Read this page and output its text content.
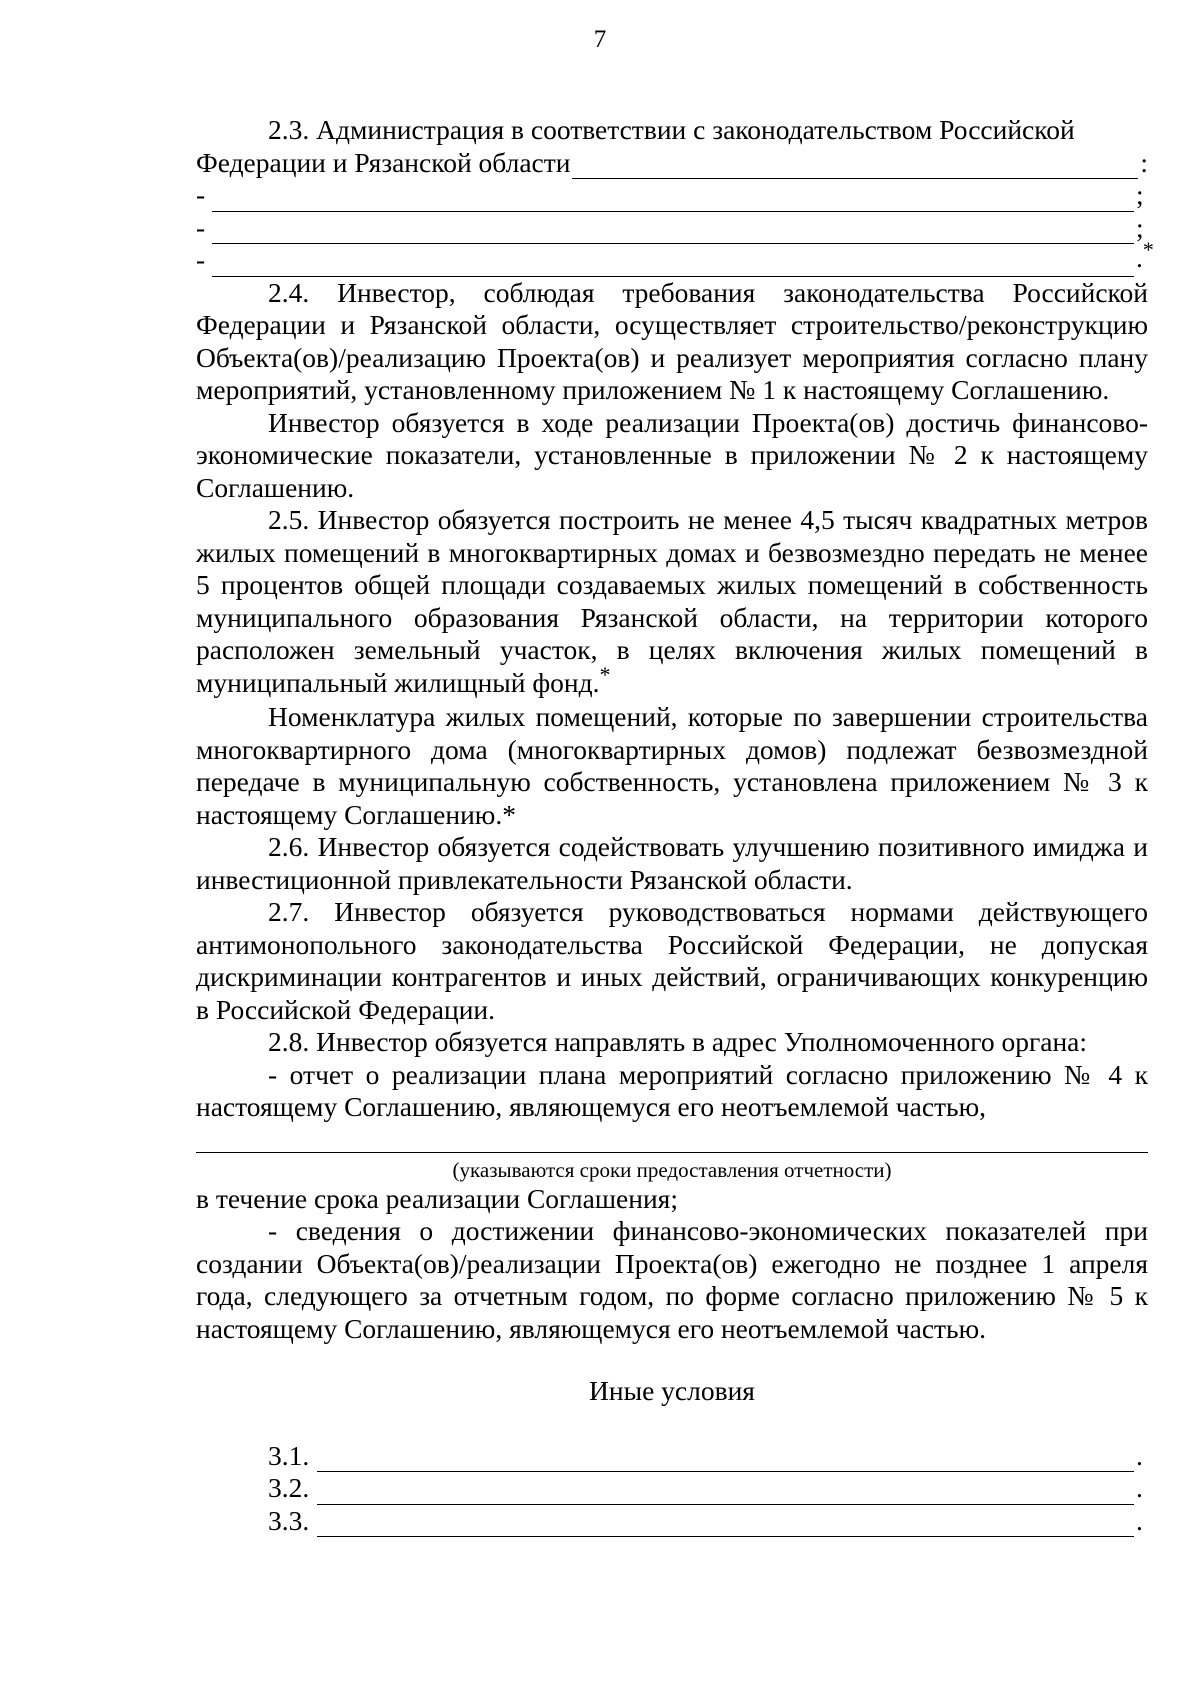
7

2.3. Администрация в соответствии с законодательством Российской

Федерации и Рязанской области	:
-	;
-	;
-	.*

2.4. Инвестор, соблюдая требования законодательства Российской Федерации и Рязанской области, осуществляет строительство/реконструкцию Объекта(ов)/реализацию Проекта(ов) и реализует мероприятия согласно плану мероприятий, установленному приложением № 1 к настоящему Соглашению.

Инвестор обязуется в ходе реализации Проекта(ов) достичь финансово-экономические показатели, установленные в приложении № 2 к настоящему Соглашению.

2.5. Инвестор обязуется построить не менее 4,5 тысяч квадратных метров жилых помещений в многоквартирных домах и безвозмездно передать не менее 5 процентов общей площади создаваемых жилых помещений в собственность муниципального образования Рязанской области, на территории которого расположен земельный участок, в целях включения жилых помещений в муниципальный жилищный фонд.*

Номенклатура жилых помещений, которые по завершении строительства многоквартирного дома (многоквартирных домов) подлежат безвозмездной передаче в муниципальную собственность, установлена приложением № 3 к настоящему Соглашению.*

2.6. Инвестор обязуется содействовать улучшению позитивного имиджа и инвестиционной привлекательности Рязанской области.

2.7. Инвестор обязуется руководствоваться нормами действующего антимонопольного законодательства Российской Федерации, не допуская дискриминации контрагентов и иных действий, ограничивающих конкуренцию в Российской Федерации.

2.8. Инвестор обязуется направлять в адрес Уполномоченного органа:

- отчет о реализации плана мероприятий согласно приложению № 4 к настоящему Соглашению, являющемуся его неотъемлемой частью,

(указываются сроки предоставления отчетности)

в течение срока реализации Соглашения;

- сведения о достижении финансово-экономических показателей при создании Объекта(ов)/реализации Проекта(ов) ежегодно не позднее 1 апреля года, следующего за отчетным годом, по форме согласно приложению № 5 к настоящему Соглашению, являющемуся его неотъемлемой частью.

Иные условия
3.1.	.
3.2.	.
3.3.	.
